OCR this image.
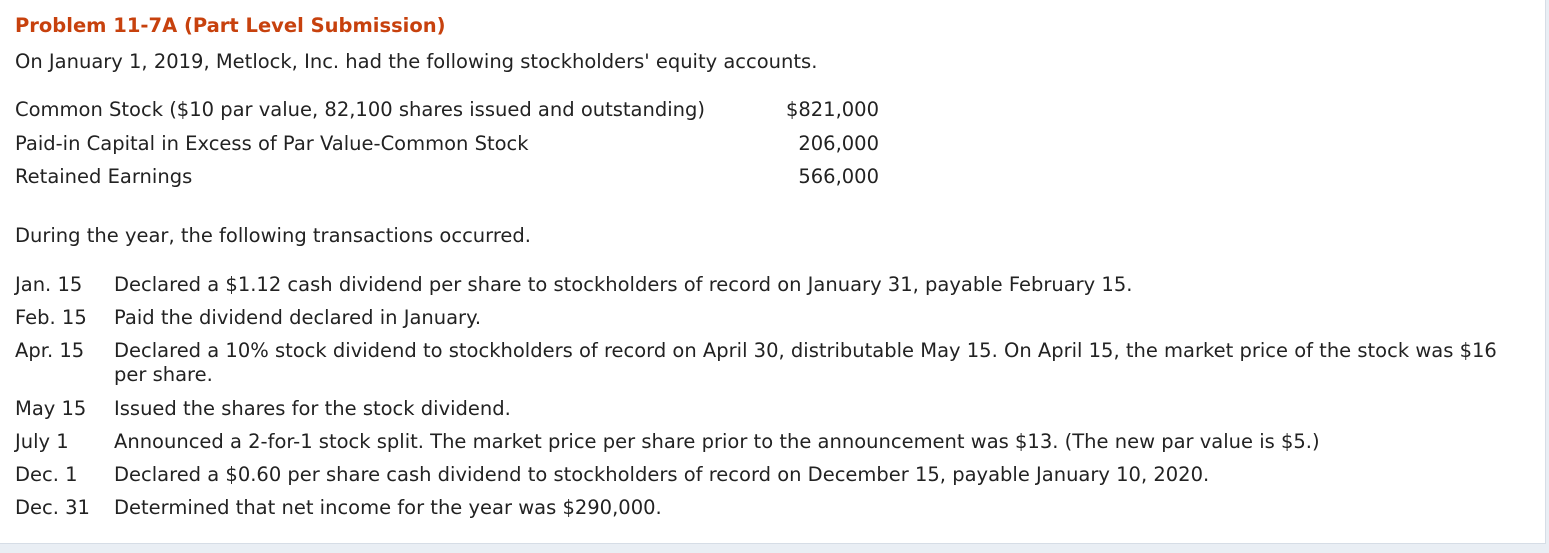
Problem 11-7A (Part Level Submission)
On January 1, 2019, Metlock, Inc. had the following stockholders' equity accounts.
Common Stock ($10 par value, 82,100 shares issued and outstanding)	$821,000
Paid-in Capital in Excess of Par Value-Common Stock	206,000
Retained Earnings	566,000
During the year, the following transactions occurred.
Jan. 15 Declared a $1.12 cash dividend per share to stockholders of record on January 31, payable February 15.
Feb. 15 Paid the dividend declared in January.
Apr. 15 Declared a 10% stock dividend to stockholders of record on April 30, distributable May 15. On April 15, the market price of the stock was $16 per share.
May 15 Issued the shares for the stock dividend.
July 1 Announced a 2-for-1 stock split. The market price per share prior to the announcement was $13. (The new par value is $5.)
Dec. 1 Declared a $0.60 per share cash dividend to stockholders of record on December 15, payable January 10, 2020.
Dec. 31 Determined that net income for the year was $290,000.
